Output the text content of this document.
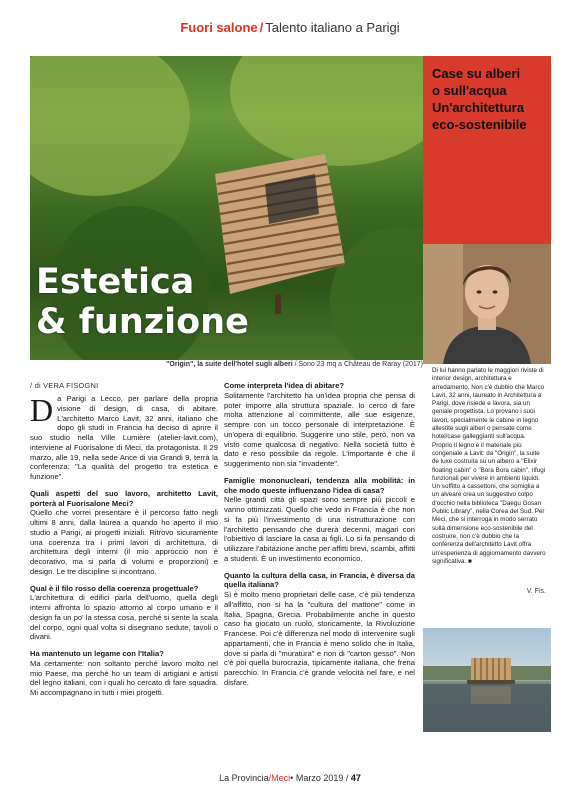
Fuori salone / Talento italiano a Parigi
Estetica
& funzione
"Origin", la suite dell'hotel sugli alberi / Sono 23 mq a Château de Raray (2017)
Case su alberi
o sull'acqua
Un'architettura
eco-sostenibile
Di lui hanno parlato le maggiori riviste di interior design, architettura e arredamento. Non c'è dubbio che Marco Lavit, 32 anni, laureato in Architettura a Parigi, dove risiede e lavora, sia un geniale progettista. Lo provano i suoi lavori, specialmente le cabine in legno allestite sugli alberi o pensate come hotel/case galleggianti sull'acqua. Proprio il legno è il materiale più congeniale a Lavit: da "Origin", la suite de luxe costruita su un albero a "Elixir floating cabin" o "Bora Bora cabin", rifugi funzionali per vivere in ambienti liquidi. Un soffitto a cassettoni, che somiglia a un alveare crea un suggestivo colpo d'occhio nella biblioteca "Daegu Gosan Public Library", nella Corea del Sud. Per Meci, che si interroga in modo serrato sulla dimensione eco-sostenibile del costruire, non c'è dubbio che la conferenza dell'architetto Lavit offra un'esperienza di aggiornamento davvero significativa. ■
V. Fis.
/ di VERA FISOGNI

Da Parigi a Lecco, per parlare della propria visione di design, di casa, di abitare. L'architetto Marco Lavit, 32 anni, italiano che dopo gli studi in Francia ha deciso di aprire il suo studio nella Ville Lumière (atelier-lavit.com), interviene al Fuorisalone di Meci, da protagonista. Il 29 marzo, alle 19, nella sede Ance di via Grandi 9, terrà la conferenza: "La qualità del progetto tra estetica e funzione".

Quali aspetti del suo lavoro, architetto Lavit, porterà al Fuorisalone Meci?

Quello che vorrei presentare è il percorso fatto negli ultimi 8 anni, dalla laurea a quando ho aperto il mio studio a Parigi, ai progetti iniziali. Ritrovo sicuramente una coerenza tra i primi lavori di architettura, di architettura degli interni (il mio approccio non è decorativo, ma si parla di volumi e proporzioni) e design. Le tre discipline si incontrano.

Qual è il filo rosso della coerenza progettuale?

L'architettura di edifici parla dell'uomo, quella degli interni affronta lo spazio attorno al corpo umano e il design fa un po' la stessa cosa, perché si sente la scala del corpo, ogni qual volta si disegnano sedute, tavoli o divani.

Ha mantenuto un legame con l'Italia?

Ma certamente: non soltanto perché lavoro molto nel mio Paese, ma perché ho un team di artigiani e artisti del legno italiani, con i quali ho cercato di fare squadra. Mi accompagnano in tutti i miei progetti.

Come interpreta l'idea di abitare?

Solitamente l'architetto ha un'idea propria che pensa di poter imporre alla struttura spaziale. Io cerco di fare molta attenzione al committente, alle sue esigenze, sempre con un tocco personale di interpretazione. È un'opera di equilibrio. Suggerire uno stile, però, non va visto come qualcosa di negativo. Nella società tutto è dato e reso possibile da regole. L'importante è che il suggerimento non sia "invadente".

Famiglie mononucleari, tendenza alla mobilità: in che modo queste influenzano l'idea di casa?

Nelle grandi città gli spazi sono sempre più piccoli e vanno ottimizzati. Quello che vedo in Francia è che non si fa più l'investimento di una ristrutturazione con l'architetto pensando che durerà decenni, magari con l'obiettivo di lasciare la casa ai figli. Lo si fa pensando di utilizzare l'abitazione anche per affitti brevi, scambi, affitti a studenti. È un investimento economico.

Quanto la cultura della casa, in Francia, è diversa da quella italiana?

Sì è molto meno proprietari delle case, c'è più tendenza all'affitto, non si ha la "cultura del mattone" come in Italia, Spagna, Grecia. Probabilmente anche in questo caso ha giocato un ruolo, storicamente, la Rivoluzione Francese. Poi c'è differenza nel modo di intervenire sugli appartamenti, che in Francia è meno solido che in Italia, dove si parla di "muratura" e non di "carton gesso". Non c'è poi quella burocrazia, tipicamente italiana, che frena parecchio. In Francia c'è grande velocità nel fare, e nel disfare.

La Provincia/Meci• Marzo 2019 / 47
